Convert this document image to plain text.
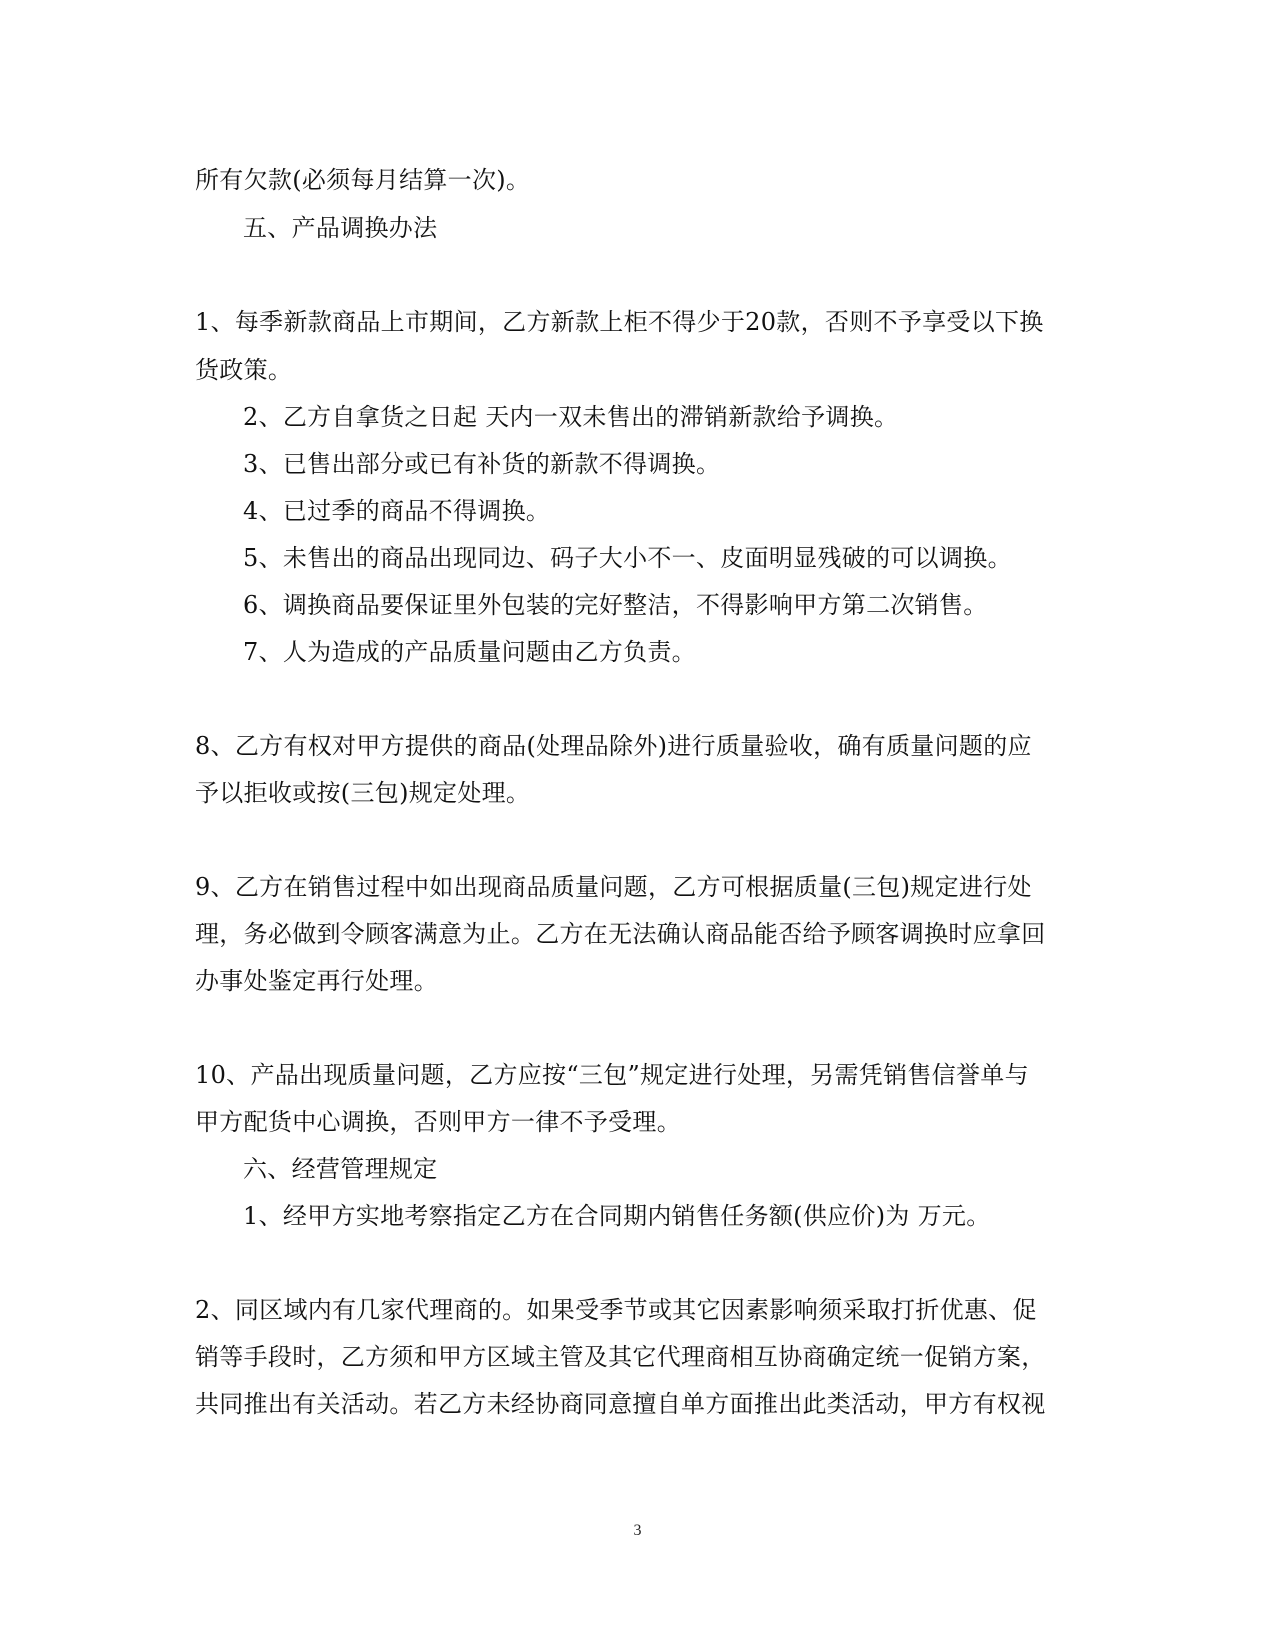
所有欠款(必须每月结算一次)。
五、产品调换办法
1、每季新款商品上市期间，乙方新款上柜不得少于20款，否则不予享受以下换
货政策。
2、乙方自拿货之日起 天内一双未售出的滞销新款给予调换。
3、已售出部分或已有补货的新款不得调换。
4、已过季的商品不得调换。
5、未售出的商品出现同边、码子大小不一、皮面明显残破的可以调换。
6、调换商品要保证里外包装的完好整洁，不得影响甲方第二次销售。
7、人为造成的产品质量问题由乙方负责。
8、乙方有权对甲方提供的商品(处理品除外)进行质量验收，确有质量问题的应
予以拒收或按(三包)规定处理。
9、乙方在销售过程中如出现商品质量问题，乙方可根据质量(三包)规定进行处
理，务必做到令顾客满意为止。乙方在无法确认商品能否给予顾客调换时应拿回
办事处鉴定再行处理。
10、产品出现质量问题，乙方应按“三包”规定进行处理，另需凭销售信誉单与
甲方配货中心调换，否则甲方一律不予受理。
六、经营管理规定
1、经甲方实地考察指定乙方在合同期内销售任务额(供应价)为 万元。
2、同区域内有几家代理商的。如果受季节或其它因素影响须采取打折优惠、促
销等手段时，乙方须和甲方区域主管及其它代理商相互协商确定统一促销方案，
共同推出有关活动。若乙方未经协商同意擅自单方面推出此类活动，甲方有权视
3
